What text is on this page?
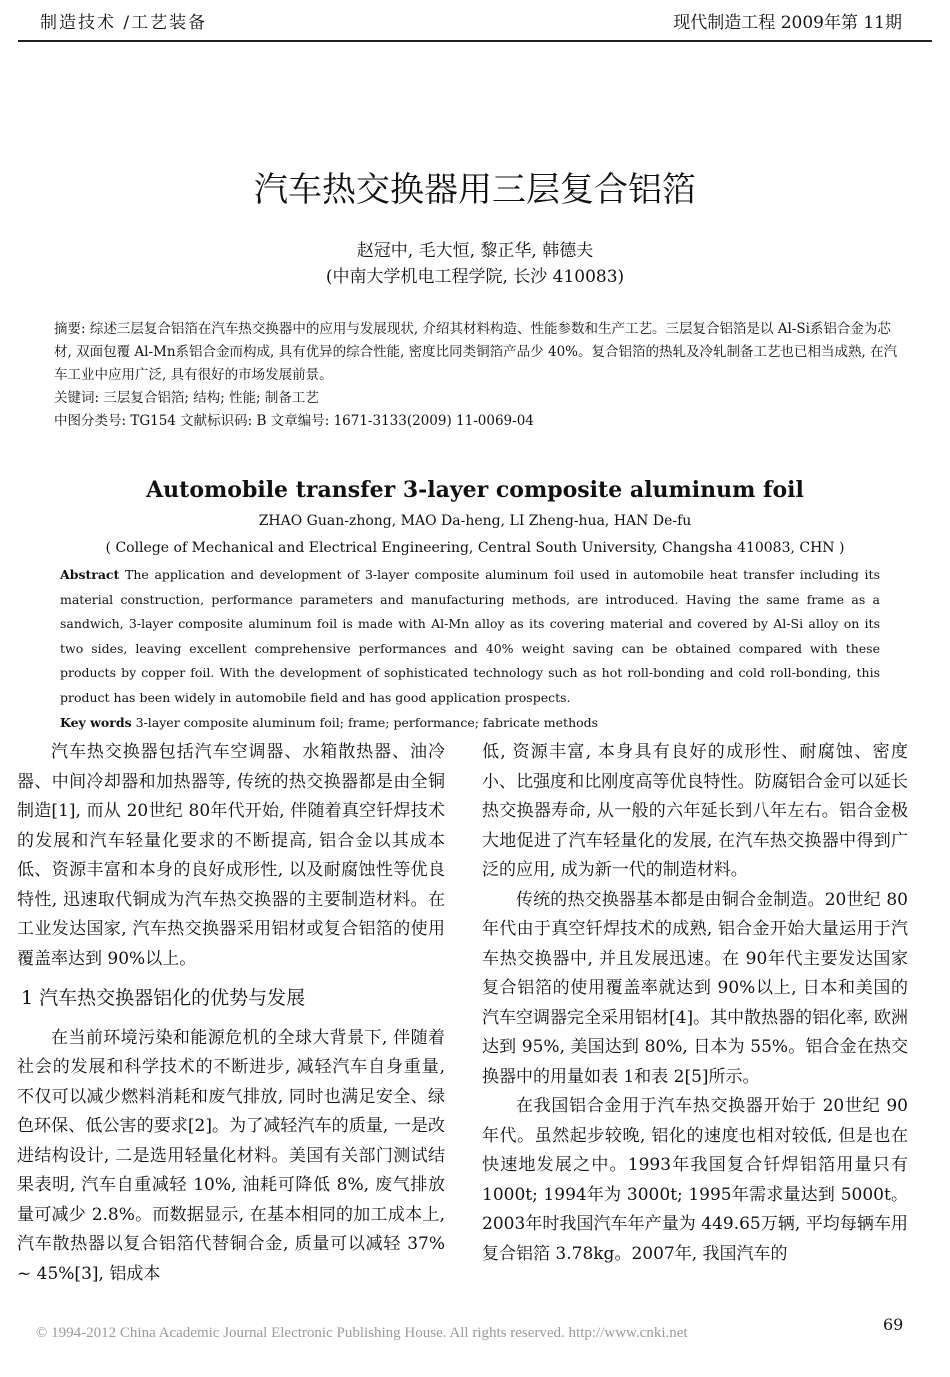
制造技术 /工艺装备	现代制造工程 2009年第 11期
汽车热交换器用三层复合铝箔
赵冠中, 毛大恒, 黎正华, 韩德夫
(中南大学机电工程学院, 长沙 410083)

摘要: 综述三层复合铝箔在汽车热交换器中的应用与发展现状, 介绍其材料构造、性能参数和生产工艺。三层复合铝箔是以 Al-Si系铝合金为芯材, 双面包覆 Al-Mn系铝合金而构成, 具有优异的综合性能, 密度比同类铜箔产品少 40%。复合铝箔的热轧及冷轧制备工艺也已相当成熟, 在汽车工业中应用广泛, 具有很好的市场发展前景。

关键词: 三层复合铝箔; 结构; 性能; 制备工艺

中图分类号: TG154 文献标识码: B 文章编号: 1671-3133(2009) 11-0069-04

Automobile transfer 3-layer composite aluminum foil
ZHAO Guan-zhong, MAO Da-heng, LI Zheng-hua, HAN De-fu
( College of Mechanical and Electrical Engineering, Central South University, Changsha 410083, CHN )

Abstract The application and development of 3-layer composite aluminum foil used in automobile heat transfer including its material construction, performance parameters and manufacturing methods, are introduced. Having the same frame as a sandwich, 3-layer composite aluminum foil is made with Al-Mn alloy as its covering material and covered by Al-Si alloy on its two sides, leaving excellent comprehensive performances and 40% weight saving can be obtained compared with these products by copper foil. With the development of sophisticated technology such as hot roll-bonding and cold roll-bonding, this product has been widely in automobile field and has good application prospects.

Key words 3-layer composite aluminum foil; frame; performance; fabricate methods

汽车热交换器包括汽车空调器、水箱散热器、油冷器、中间冷却器和加热器等, 传统的热交换器都是由全铜制造[1], 而从 20世纪 80年代开始, 伴随着真空钎焊技术的发展和汽车轻量化要求的不断提高, 铝合金以其成本低、资源丰富和本身的良好成形性, 以及耐腐蚀性等优良特性, 迅速取代铜成为汽车热交换器的主要制造材料。在工业发达国家, 汽车热交换器采用铝材或复合铝箔的使用覆盖率达到 90%以上。

1 汽车热交换器铝化的优势与发展

在当前环境污染和能源危机的全球大背景下, 伴随着社会的发展和科学技术的不断进步, 减轻汽车自身重量, 不仅可以减少燃料消耗和废气排放, 同时也满足安全、绿色环保、低公害的要求[2]。为了减轻汽车的质量, 一是改进结构设计, 二是选用轻量化材料。美国有关部门测试结果表明, 汽车自重减轻 10%, 油耗可降低 8%, 废气排放量可减少 2.8%。而数据显示, 在基本相同的加工成本上, 汽车散热器以复合铝箔代替铜合金, 质量可以减轻 37% ~ 45%[3], 铝成本

低, 资源丰富, 本身具有良好的成形性、耐腐蚀、密度小、比强度和比刚度高等优良特性。防腐铝合金可以延长热交换器寿命, 从一般的六年延长到八年左右。铝合金极大地促进了汽车轻量化的发展, 在汽车热交换器中得到广泛的应用, 成为新一代的制造材料。

传统的热交换器基本都是由铜合金制造。20世纪 80年代由于真空钎焊技术的成熟, 铝合金开始大量运用于汽车热交换器中, 并且发展迅速。在 90年代主要发达国家复合铝箔的使用覆盖率就达到 90%以上, 日本和美国的汽车空调器完全采用铝材[4]。其中散热器的铝化率, 欧洲达到 95%, 美国达到 80%, 日本为 55%。铝合金在热交换器中的用量如表 1和表 2[5]所示。

在我国铝合金用于汽车热交换器开始于 20世纪 90年代。虽然起步较晚, 铝化的速度也相对较低, 但是也在快速地发展之中。1993年我国复合钎焊铝箔用量只有 1000t; 1994年为 3000t; 1995年需求量达到 5000t。2003年时我国汽车年产量为 449.65万辆, 平均每辆车用复合铝箔 3.78kg。2007年, 我国汽车的

© 1994-2012 China Academic Journal Electronic Publishing House. All rights reserved. http://www.cnki.net	69
